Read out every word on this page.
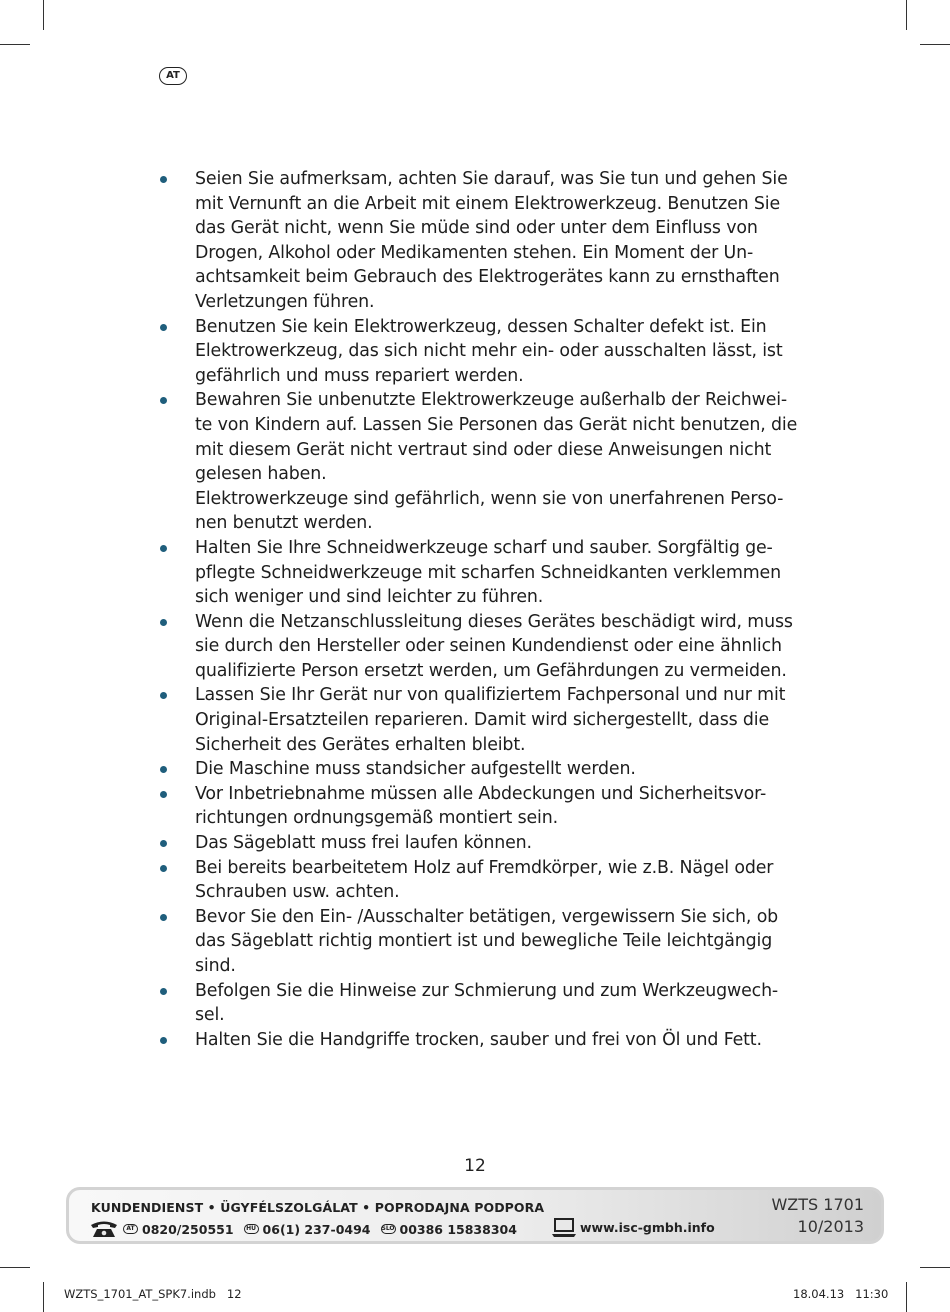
AT
Seien Sie aufmerksam, achten Sie darauf, was Sie tun und gehen Sie
mit Vernunft an die Arbeit mit einem Elektrowerkzeug. Benutzen Sie
das Gerät nicht, wenn Sie müde sind oder unter dem Einfluss von
Drogen, Alkohol oder Medikamenten stehen. Ein Moment der Un-
achtsamkeit beim Gebrauch des Elektrogerätes kann zu ernsthaften
Verletzungen führen.
Benutzen Sie kein Elektrowerkzeug, dessen Schalter defekt ist. Ein
Elektrowerkzeug, das sich nicht mehr ein- oder ausschalten lässt, ist
gefährlich und muss repariert werden.
Bewahren Sie unbenutzte Elektrowerkzeuge außerhalb der Reichwei-
te von Kindern auf. Lassen Sie Personen das Gerät nicht benutzen, die
mit diesem Gerät nicht vertraut sind oder diese Anweisungen nicht
gelesen haben.
Elektrowerkzeuge sind gefährlich, wenn sie von unerfahrenen Perso-
nen benutzt werden.
Halten Sie Ihre Schneidwerkzeuge scharf und sauber. Sorgfältig ge-
pflegte Schneidwerkzeuge mit scharfen Schneidkanten verklemmen
sich weniger und sind leichter zu führen.
Wenn die Netzanschlussleitung dieses Gerätes beschädigt wird, muss
sie durch den Hersteller oder seinen Kundendienst oder eine ähnlich
qualifizierte Person ersetzt werden, um Gefährdungen zu vermeiden.
Lassen Sie Ihr Gerät nur von qualifiziertem Fachpersonal und nur mit
Original-Ersatzteilen reparieren. Damit wird sichergestellt, dass die
Sicherheit des Gerätes erhalten bleibt.
Die Maschine muss standsicher aufgestellt werden.
Vor Inbetriebnahme müssen alle Abdeckungen und Sicherheitsvor-
richtungen ordnungsgemäß montiert sein.
Das Sägeblatt muss frei laufen können.
Bei bereits bearbeitetem Holz auf Fremdkörper, wie z.B. Nägel oder
Schrauben usw. achten.
Bevor Sie den Ein- /Ausschalter betätigen, vergewissern Sie sich, ob
das Sägeblatt richtig montiert ist und bewegliche Teile leichtgängig
sind.
Befolgen Sie die Hinweise zur Schmierung und zum Werkzeugwech-
sel.
Halten Sie die Handgriffe trocken, sauber und frei von Öl und Fett.
12
KUNDENDIENST • ÜGYFÉLSZOLGÁLAT • POPRODAJNA PODPORA
AT 0820/250551	HU 06(1) 237-0494 SLO 00386 15838304	www.isc-gmbh.info
WZTS 1701
10/2013
WZTS_1701_AT_SPK7.indb   12	18.04.13   11:30
